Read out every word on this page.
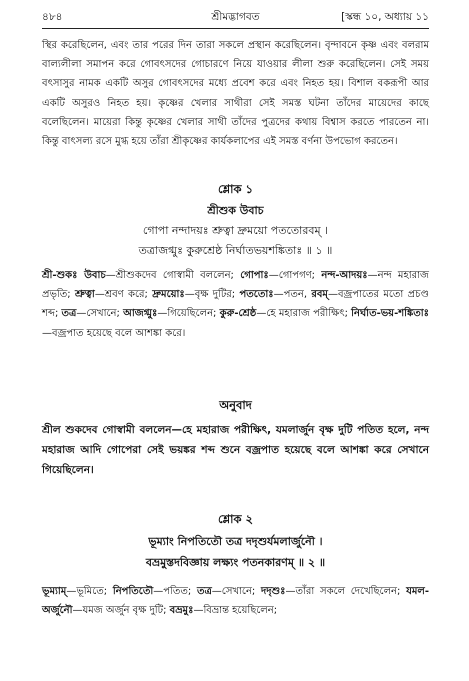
৪৮৪	শ্রীমদ্ভাগবত	[স্কন্ধ ১০, অধ্যায় ১১

স্থির করেছিলেন, এবং তার পরের দিন তারা সকলে প্রস্থান করেছিলেন। বৃন্দাবনে কৃষ্ণ এবং বলরাম বাল্যলীলা সমাপন করে গোবৎসদের গোচারণে নিয়ে যাওয়ার লীলা শুরু করেছিলেন। সেই সময় বৎসাসুর নামক একটি অসুর গোবৎসদের মধ্যে প্রবেশ করে এবং নিহত হয়। বিশাল বকরূপী আর একটি অসুরও নিহত হয়। কৃষ্ণের খেলার সাথীরা সেই সমস্ত ঘটনা তাঁদের মায়েদের কাছে বলেছিলেন। মায়েরা কিন্তু কৃষ্ণের খেলার সাথী তাঁদের পুত্রদের কথায় বিশ্বাস করতে পারতেন না। কিন্তু বাৎসল্য রসে মুগ্ধ হয়ে তাঁরা শ্রীকৃষ্ণের কার্যকলাপের এই সমস্ত বর্ণনা উপভোগ করতেন।

শ্লোক ১

শ্রীশুক উবাচ

গোপা নন্দাদয়ঃ শ্রুত্বা দ্রুময়ো পততোরবম্ ।

তত্রাজগ্মুঃ কুরুশ্রেষ্ঠ নির্ঘাতভয়শঙ্কিতাঃ ॥ ১ ॥

শ্রী-শুকঃ উবাচ—শ্রীশুকদেব গোস্বামী বললেন; গোপাঃ—গোপগণ; নন্দ-আদয়ঃ—নন্দ মহারাজ প্রভৃতি; শ্রুত্বা—শ্রবণ করে; দ্রুময়োঃ—বৃক্ষ দুটির; পততোঃ—পতন, রবম্—বজ্রপাতের মতো প্রচণ্ড শব্দ; তত্র—সেখানে; আজগ্মুঃ—গিয়েছিলেন; কুরু-শ্রেষ্ঠ—হে মহারাজ পরীক্ষিৎ; নির্ঘাত-ভয়-শঙ্কিতাঃ—বজ্রপাত হয়েছে বলে আশঙ্কা করে।

অনুবাদ

শ্রীল শুকদেব গোস্বামী বললেন—হে মহারাজ পরীক্ষিৎ, যমলার্জুন বৃক্ষ দুটি পতিত হলে, নন্দ মহারাজ আদি গোপেরা সেই ভয়ঙ্কর শব্দ শুনে বজ্রপাত হয়েছে বলে আশঙ্কা করে সেখানে গিয়েছিলেন।

শ্লোক ২

ভূম্যাং নিপতিতৌ তত্র দদৃশুর্যমলার্জুনৌ ।

বভ্রমুস্তদবিজ্ঞায় লক্ষ্যং পতনকারণম্ ॥ ২ ॥

ভূম্যাম্—ভূমিতে; নিপতিতৌ—পতিত; তত্র—সেখানে; দদৃশুঃ—তাঁরা সকলে দেখেছিলেন; যমল-অর্জুনৌ—যমজ অর্জুন বৃক্ষ দুটি; বভ্রমুঃ—বিভ্রান্ত হয়েছিলেন;
